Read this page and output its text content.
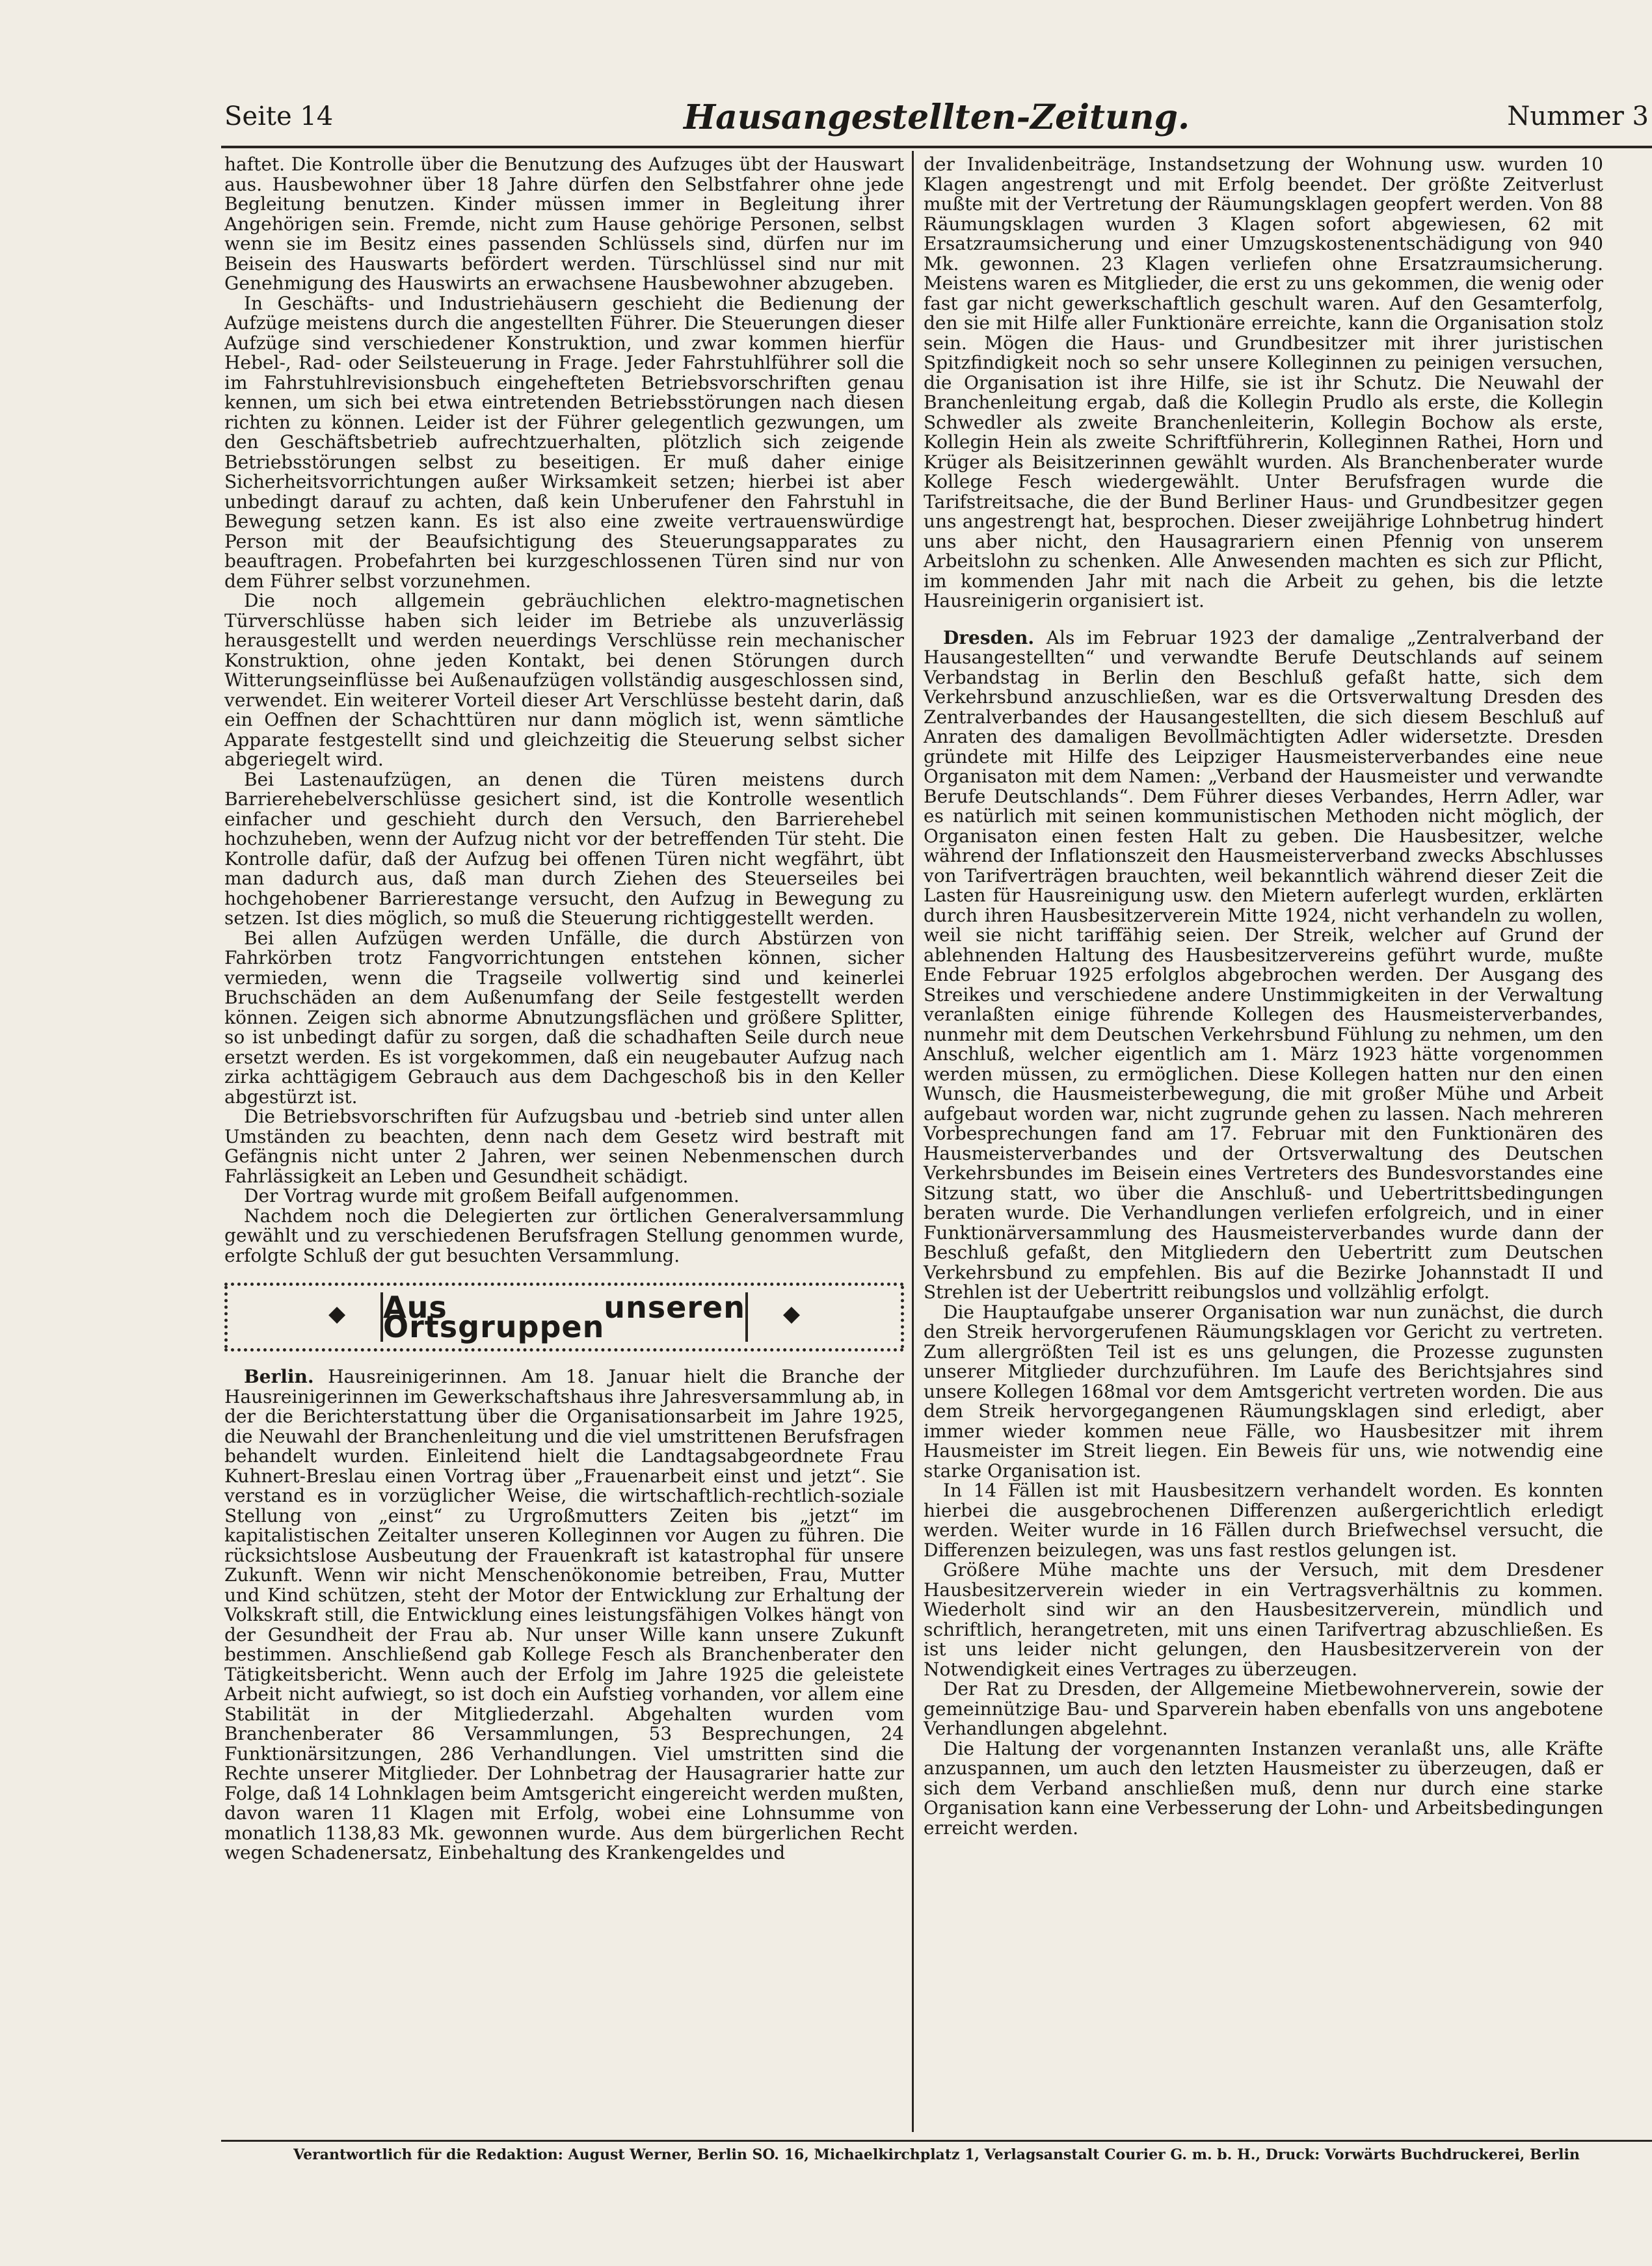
Seite 14	Hausangestellten-Zeitung.	Nummer 3

haftet. Die Kontrolle über die Benutzung des Aufzuges übt der Hauswart aus. Hausbewohner über 18 Jahre dürfen den Selbstfahrer ohne jede Begleitung benutzen. Kinder müssen immer in Begleitung ihrer Angehörigen sein. Fremde, nicht zum Hause gehörige Personen, selbst wenn sie im Besitz eines passenden Schlüssels sind, dürfen nur im Beisein des Hauswarts befördert werden. Türschlüssel sind nur mit Genehmigung des Hauswirts an erwachsene Hausbewohner abzugeben.

In Geschäfts- und Industriehäusern geschieht die Bedienung der Aufzüge meistens durch die angestellten Führer. Die Steuerungen dieser Aufzüge sind verschiedener Konstruktion, und zwar kommen hierfür Hebel-, Rad- oder Seilsteuerung in Frage. Jeder Fahrstuhlführer soll die im Fahrstuhlrevisionsbuch eingehefteten Betriebsvorschriften genau kennen, um sich bei etwa eintretenden Betriebsstörungen nach diesen richten zu können. Leider ist der Führer gelegentlich gezwungen, um den Geschäftsbetrieb aufrechtzuerhalten, plötzlich sich zeigende Betriebsstörungen selbst zu beseitigen. Er muß daher einige Sicherheitsvorrichtungen außer Wirksamkeit setzen; hierbei ist aber unbedingt darauf zu achten, daß kein Unberufener den Fahrstuhl in Bewegung setzen kann. Es ist also eine zweite vertrauenswürdige Person mit der Beaufsichtigung des Steuerungsapparates zu beauftragen. Probefahrten bei kurzgeschlossenen Türen sind nur von dem Führer selbst vorzunehmen.

Die noch allgemein gebräuchlichen elektro-magnetischen Türverschlüsse haben sich leider im Betriebe als unzuverlässig herausgestellt und werden neuerdings Verschlüsse rein mechanischer Konstruktion, ohne jeden Kontakt, bei denen Störungen durch Witterungseinflüsse bei Außenaufzügen vollständig ausgeschlossen sind, verwendet. Ein weiterer Vorteil dieser Art Verschlüsse besteht darin, daß ein Oeffnen der Schachttüren nur dann möglich ist, wenn sämtliche Apparate festgestellt sind und gleichzeitig die Steuerung selbst sicher abgeriegelt wird.

Bei Lastenaufzügen, an denen die Türen meistens durch Barrierehebelverschlüsse gesichert sind, ist die Kontrolle wesentlich einfacher und geschieht durch den Versuch, den Barrierehebel hochzuheben, wenn der Aufzug nicht vor der betreffenden Tür steht. Die Kontrolle dafür, daß der Aufzug bei offenen Türen nicht wegfährt, übt man dadurch aus, daß man durch Ziehen des Steuerseiles bei hochgehobener Barrierestange versucht, den Aufzug in Bewegung zu setzen. Ist dies möglich, so muß die Steuerung richtiggestellt werden.

Bei allen Aufzügen werden Unfälle, die durch Abstürzen von Fahrkörben trotz Fangvorrichtungen entstehen können, sicher vermieden, wenn die Tragseile vollwertig sind und keinerlei Bruchschäden an dem Außenumfang der Seile festgestellt werden können. Zeigen sich abnorme Abnutzungsflächen und größere Splitter, so ist unbedingt dafür zu sorgen, daß die schadhaften Seile durch neue ersetzt werden. Es ist vorgekommen, daß ein neugebauter Aufzug nach zirka achttägigem Gebrauch aus dem Dachgeschoß bis in den Keller abgestürzt ist.

Die Betriebsvorschriften für Aufzugsbau und -betrieb sind unter allen Umständen zu beachten, denn nach dem Gesetz wird bestraft mit Gefängnis nicht unter 2 Jahren, wer seinen Nebenmenschen durch Fahrlässigkeit an Leben und Gesundheit schädigt.

Der Vortrag wurde mit großem Beifall aufgenommen.

Nachdem noch die Delegierten zur örtlichen Generalversammlung gewählt und zu verschiedenen Berufsfragen Stellung genommen wurde, erfolgte Schluß der gut besuchten Versammlung.

◆	◆
Aus unseren Ortsgruppen

Berlin. Hausreinigerinnen. Am 18. Januar hielt die Branche der Hausreinigerinnen im Gewerkschaftshaus ihre Jahresversammlung ab, in der die Berichterstattung über die Organisationsarbeit im Jahre 1925, die Neuwahl der Branchenleitung und die viel umstrittenen Berufsfragen behandelt wurden. Einleitend hielt die Landtagsabgeordnete Frau Kuhnert-Breslau einen Vortrag über „Frauenarbeit einst und jetzt“. Sie verstand es in vorzüglicher Weise, die wirtschaftlich-rechtlich-soziale Stellung von „einst“ zu Urgroßmutters Zeiten bis „jetzt“ im kapitalistischen Zeitalter unseren Kolleginnen vor Augen zu führen. Die rücksichtslose Ausbeutung der Frauenkraft ist katastrophal für unsere Zukunft. Wenn wir nicht Menschenökonomie betreiben, Frau, Mutter und Kind schützen, steht der Motor der Entwicklung zur Erhaltung der Volkskraft still, die Entwicklung eines leistungsfähigen Volkes hängt von der Gesundheit der Frau ab. Nur unser Wille kann unsere Zukunft bestimmen. Anschließend gab Kollege Fesch als Branchenberater den Tätigkeitsbericht. Wenn auch der Erfolg im Jahre 1925 die geleistete Arbeit nicht aufwiegt, so ist doch ein Aufstieg vorhanden, vor allem eine Stabilität in der Mitgliederzahl. Abgehalten wurden vom Branchenberater 86 Versammlungen, 53 Besprechungen, 24 Funktionärsitzungen, 286 Verhandlungen. Viel umstritten sind die Rechte unserer Mitglieder. Der Lohnbetrag der Hausagrarier hatte zur Folge, daß 14 Lohnklagen beim Amtsgericht eingereicht werden mußten, davon waren 11 Klagen mit Erfolg, wobei eine Lohnsumme von monatlich 1138,83 Mk. gewonnen wurde. Aus dem bürgerlichen Recht wegen Schadenersatz, Einbehaltung des Krankengeldes und

der Invalidenbeiträge, Instandsetzung der Wohnung usw. wurden 10 Klagen angestrengt und mit Erfolg beendet. Der größte Zeitverlust mußte mit der Vertretung der Räumungsklagen geopfert werden. Von 88 Räumungsklagen wurden 3 Klagen sofort abgewiesen, 62 mit Ersatzraumsicherung und einer Umzugskostenentschädigung von 940 Mk. gewonnen. 23 Klagen verliefen ohne Ersatzraumsicherung. Meistens waren es Mitglieder, die erst zu uns gekommen, die wenig oder fast gar nicht gewerkschaftlich geschult waren. Auf den Gesamterfolg, den sie mit Hilfe aller Funktionäre erreichte, kann die Organisation stolz sein. Mögen die Haus- und Grundbesitzer mit ihrer juristischen Spitzfindigkeit noch so sehr unsere Kolleginnen zu peinigen versuchen, die Organisation ist ihre Hilfe, sie ist ihr Schutz. Die Neuwahl der Branchenleitung ergab, daß die Kollegin Prudlo als erste, die Kollegin Schwedler als zweite Branchenleiterin, Kollegin Bochow als erste, Kollegin Hein als zweite Schriftführerin, Kolleginnen Rathei, Horn und Krüger als Beisitzerinnen gewählt wurden. Als Branchenberater wurde Kollege Fesch wiedergewählt. Unter Berufsfragen wurde die Tarifstreitsache, die der Bund Berliner Haus- und Grundbesitzer gegen uns angestrengt hat, besprochen. Dieser zweijährige Lohnbetrug hindert uns aber nicht, den Hausagrariern einen Pfennig von unserem Arbeitslohn zu schenken. Alle Anwesenden machten es sich zur Pflicht, im kommenden Jahr mit nach die Arbeit zu gehen, bis die letzte Hausreinigerin organisiert ist.

Dresden. Als im Februar 1923 der damalige „Zentralverband der Hausangestellten“ und verwandte Berufe Deutschlands auf seinem Verbandstag in Berlin den Beschluß gefaßt hatte, sich dem Verkehrsbund anzuschließen, war es die Ortsverwaltung Dresden des Zentralverbandes der Hausangestellten, die sich diesem Beschluß auf Anraten des damaligen Bevollmächtigten Adler widersetzte. Dresden gründete mit Hilfe des Leipziger Hausmeisterverbandes eine neue Organisaton mit dem Namen: „Verband der Hausmeister und verwandte Berufe Deutschlands“. Dem Führer dieses Verbandes, Herrn Adler, war es natürlich mit seinen kommunistischen Methoden nicht möglich, der Organisaton einen festen Halt zu geben. Die Hausbesitzer, welche während der Inflationszeit den Hausmeisterverband zwecks Abschlusses von Tarifverträgen brauchten, weil bekanntlich während dieser Zeit die Lasten für Hausreinigung usw. den Mietern auferlegt wurden, erklärten durch ihren Hausbesitzerverein Mitte 1924, nicht verhandeln zu wollen, weil sie nicht tariffähig seien. Der Streik, welcher auf Grund der ablehnenden Haltung des Hausbesitzervereins geführt wurde, mußte Ende Februar 1925 erfolglos abgebrochen werden. Der Ausgang des Streikes und verschiedene andere Unstimmigkeiten in der Verwaltung veranlaßten einige führende Kollegen des Hausmeisterverbandes, nunmehr mit dem Deutschen Verkehrsbund Fühlung zu nehmen, um den Anschluß, welcher eigentlich am 1. März 1923 hätte vorgenommen werden müssen, zu ermöglichen. Diese Kollegen hatten nur den einen Wunsch, die Hausmeisterbewegung, die mit großer Mühe und Arbeit aufgebaut worden war, nicht zugrunde gehen zu lassen. Nach mehreren Vorbesprechungen fand am 17. Februar mit den Funktionären des Hausmeisterverbandes und der Ortsverwaltung des Deutschen Verkehrsbundes im Beisein eines Vertreters des Bundesvorstandes eine Sitzung statt, wo über die Anschluß- und Uebertrittsbedingungen beraten wurde. Die Verhandlungen verliefen erfolgreich, und in einer Funktionärversammlung des Hausmeisterverbandes wurde dann der Beschluß gefaßt, den Mitgliedern den Uebertritt zum Deutschen Verkehrsbund zu empfehlen. Bis auf die Bezirke Johannstadt II und Strehlen ist der Uebertritt reibungslos und vollzählig erfolgt.

Die Hauptaufgabe unserer Organisation war nun zunächst, die durch den Streik hervorgerufenen Räumungsklagen vor Gericht zu vertreten. Zum allergrößten Teil ist es uns gelungen, die Prozesse zugunsten unserer Mitglieder durchzuführen. Im Laufe des Berichtsjahres sind unsere Kollegen 168mal vor dem Amtsgericht vertreten worden. Die aus dem Streik hervorgegangenen Räumungsklagen sind erledigt, aber immer wieder kommen neue Fälle, wo Hausbesitzer mit ihrem Hausmeister im Streit liegen. Ein Beweis für uns, wie notwendig eine starke Organisation ist.

In 14 Fällen ist mit Hausbesitzern verhandelt worden. Es konnten hierbei die ausgebrochenen Differenzen außergerichtlich erledigt werden. Weiter wurde in 16 Fällen durch Briefwechsel versucht, die Differenzen beizulegen, was uns fast restlos gelungen ist.

Größere Mühe machte uns der Versuch, mit dem Dresdener Hausbesitzerverein wieder in ein Vertragsverhältnis zu kommen. Wiederholt sind wir an den Hausbesitzerverein, mündlich und schriftlich, herangetreten, mit uns einen Tarifvertrag abzuschließen. Es ist uns leider nicht gelungen, den Hausbesitzerverein von der Notwendigkeit eines Vertrages zu überzeugen.

Der Rat zu Dresden, der Allgemeine Mietbewohnerverein, sowie der gemeinnützige Bau- und Sparverein haben ebenfalls von uns angebotene Verhandlungen abgelehnt.

Die Haltung der vorgenannten Instanzen veranlaßt uns, alle Kräfte anzuspannen, um auch den letzten Hausmeister zu überzeugen, daß er sich dem Verband anschließen muß, denn nur durch eine starke Organisation kann eine Verbesserung der Lohn- und Arbeitsbedingungen erreicht werden.

Verantwortlich für die Redaktion: August Werner, Berlin SO. 16, Michaelkirchplatz 1, Verlagsanstalt Courier G. m. b. H., Druck: Vorwärts Buchdruckerei, Berlin
